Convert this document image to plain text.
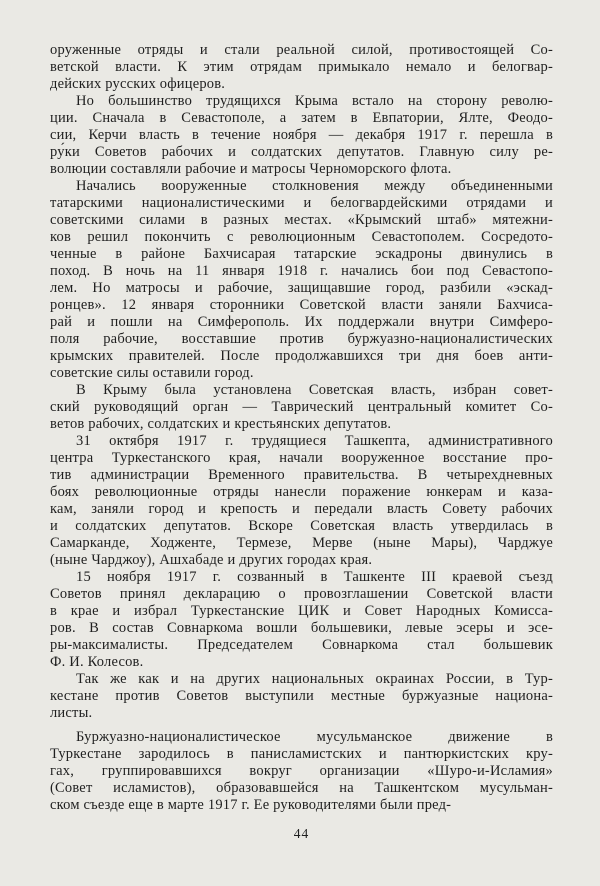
оруженные отряды и стали реальной силой, противостоящей Со-
ветской власти. К этим отрядам примыкало немало и белогвар-
дейских русских офицеров.

Но большинство трудящихся Крыма встало на сторону револю-
ции. Сначала в Севастополе, а затем в Евпатории, Ялте, Феодо-
сии, Керчи власть в течение ноября — декабря 1917 г. перешла в
ру́ки Советов рабочих и солдатских депутатов. Главную силу ре-
волюции составляли рабочие и матросы Черноморского флота.

Начались вооруженные столкновения между объединенными
татарскими националистическими и белогвардейскими отрядами и
советскими силами в разных местах. «Крымский штаб» мятежни-
ков решил покончить с революционным Севастополем. Сосредото-
ченные в районе Бахчисарая татарские эскадроны двинулись в
поход. В ночь на 11 января 1918 г. начались бои под Севастопо-
лем. Но матросы и рабочие, защищавшие город, разбили «эскад-
ронцев». 12 января сторонники Советской власти заняли Бахчиса-
рай и пошли на Симферополь. Их поддержали внутри Симферо-
поля рабочие, восставшие против буржуазно-националистических
крымских правителей. После продолжавшихся три дня боев анти-
советские силы оставили город.

В Крыму была установлена Советская власть, избран совет-
ский руководящий орган — Таврический центральный комитет Со-
ветов рабочих, солдатских и крестьянских депутатов.

31 октября 1917 г. трудящиеся Ташкепта, административного
центра Туркестанского края, начали вооруженное восстание про-
тив администрации Временного правительства. В четырехдневных
боях революционные отряды нанесли поражение юнкерам и каза-
кам, заняли город и крепость и передали власть Совету рабочих
и солдатских депутатов. Вскоре Советская власть утвердилась в
Самарканде, Ходженте, Термезе, Мерве (ныне Мары), Чарджуе
(ныне Чарджоу), Ашхабаде и других городах края.

15 ноября 1917 г. созванный в Ташкенте III краевой съезд
Советов принял декларацию о провозглашении Советской власти
в крае и избрал Туркестанские ЦИК и Совет Народных Комисса-
ров. В состав Совнаркома вошли большевики, левые эсеры и эсе-
ры-максималисты. Председателем Совнаркома стал большевик
Ф. И. Колесов.

Так же как и на других национальных окраинах России, в Тур-
кестане против Советов выступили местные буржуазные национа-
листы.

Буржуазно-националистическое мусульманское движение в
Туркестане зародилось в панисламистских и пантюркистских кру-
гах, группировавшихся вокруг организации «Шуро-и-Исламия»
(Совет исламистов), образовавшейся на Ташкентском мусульман-
ском съезде еще в марте 1917 г. Ее руководителями были пред-

44
